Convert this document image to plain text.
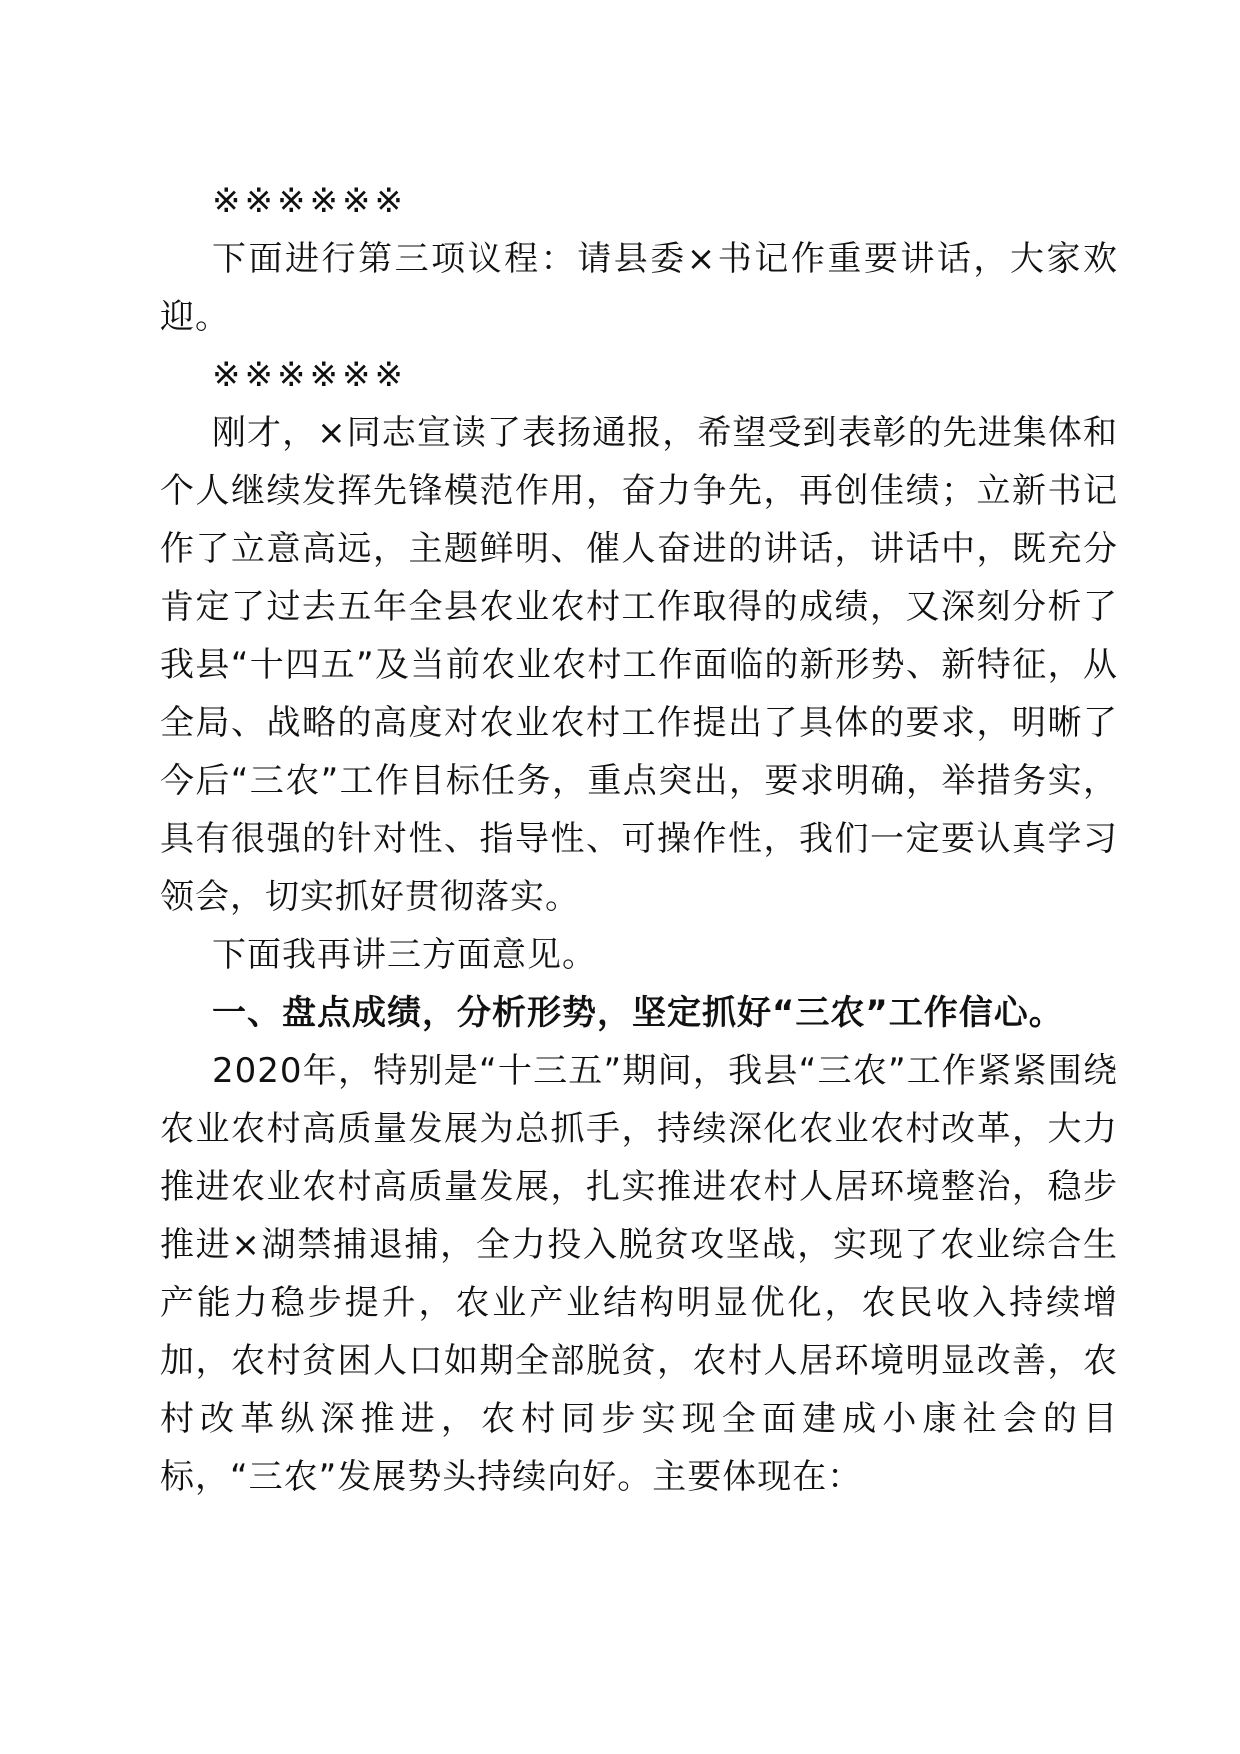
※※※※※※

下面进行第三项议程：请县委×书记作重要讲话，大家欢迎。

※※※※※※

刚才，×同志宣读了表扬通报，希望受到表彰的先进集体和个人继续发挥先锋模范作用，奋力争先，再创佳绩；立新书记作了立意高远，主题鲜明、催人奋进的讲话，讲话中，既充分肯定了过去五年全县农业农村工作取得的成绩，又深刻分析了我县“十四五”及当前农业农村工作面临的新形势、新特征，从全局、战略的高度对农业农村工作提出了具体的要求，明晰了今后“三农”工作目标任务，重点突出，要求明确，举措务实，具有很强的针对性、指导性、可操作性，我们一定要认真学习领会，切实抓好贯彻落实。

下面我再讲三方面意见。

一、盘点成绩，分析形势，坚定抓好“三农”工作信心。

2020年，特别是“十三五”期间，我县“三农”工作紧紧围绕农业农村高质量发展为总抓手，持续深化农业农村改革，大力推进农业农村高质量发展，扎实推进农村人居环境整治，稳步推进×湖禁捕退捕，全力投入脱贫攻坚战，实现了农业综合生产能力稳步提升，农业产业结构明显优化，农民收入持续增加，农村贫困人口如期全部脱贫，农村人居环境明显改善，农村改革纵深推进，农村同步实现全面建成小康社会的目标，“三农”发展势头持续向好。主要体现在：
